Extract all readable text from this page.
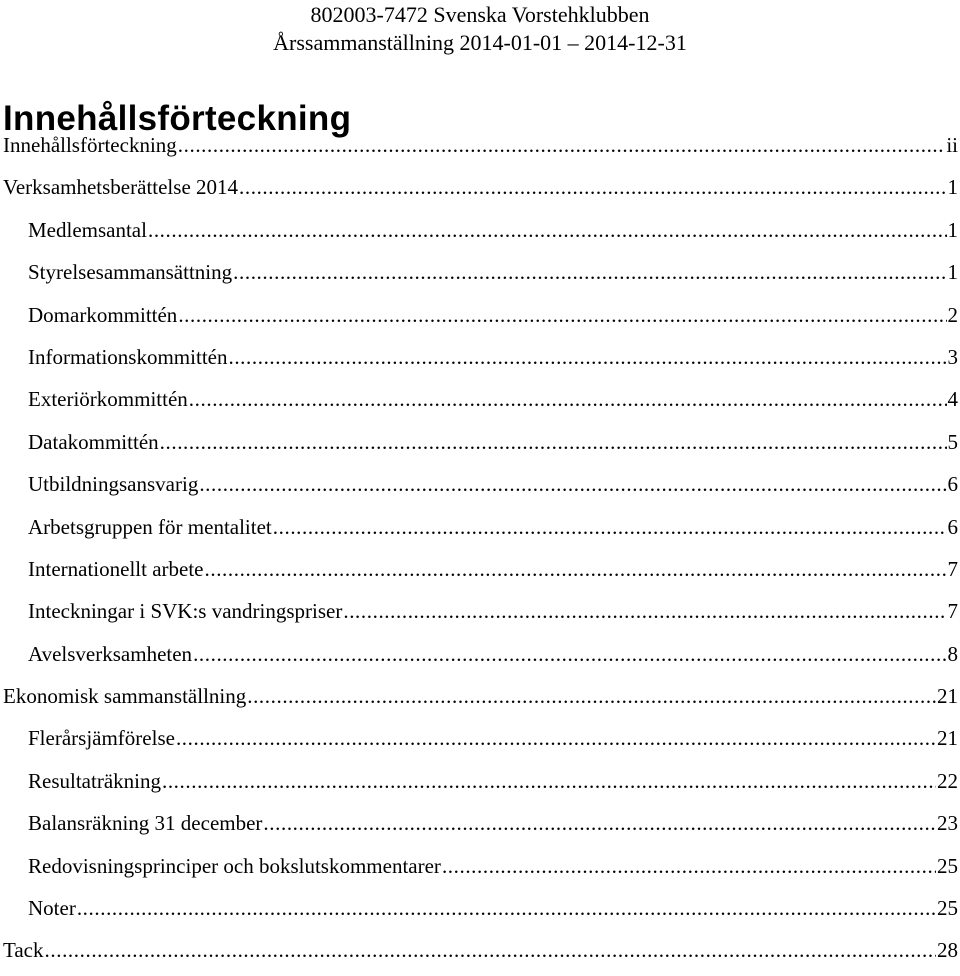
802003-7472 Svenska Vorstehklubben
Årssammanställning 2014-01-01 – 2014-12-31
Innehållsförteckning
Innehållsförteckning .....	ii
Verksamhetsberättelse 2014 .....	1
Medlemsantal .....	1
Styrelsesammansättning .....	1
Domarkommittén .....	2
Informationskommittén .....	3
Exteriörkommittén .....	4
Datakommittén .....	5
Utbildningsansvarig .....	6
Arbetsgruppen för mentalitet .....	6
Internationellt arbete .....	7
Inteckningar i SVK:s vandringspriser .....	7
Avelsverksamheten .....	8
Ekonomisk sammanställning .....	21
Flerårsjämförelse .....	21
Resultaträkning .....	22
Balansräkning 31 december .....	23
Redovisningsprinciper och bokslutskommentarer .....	25
Noter .....	25
Tack .....	28
